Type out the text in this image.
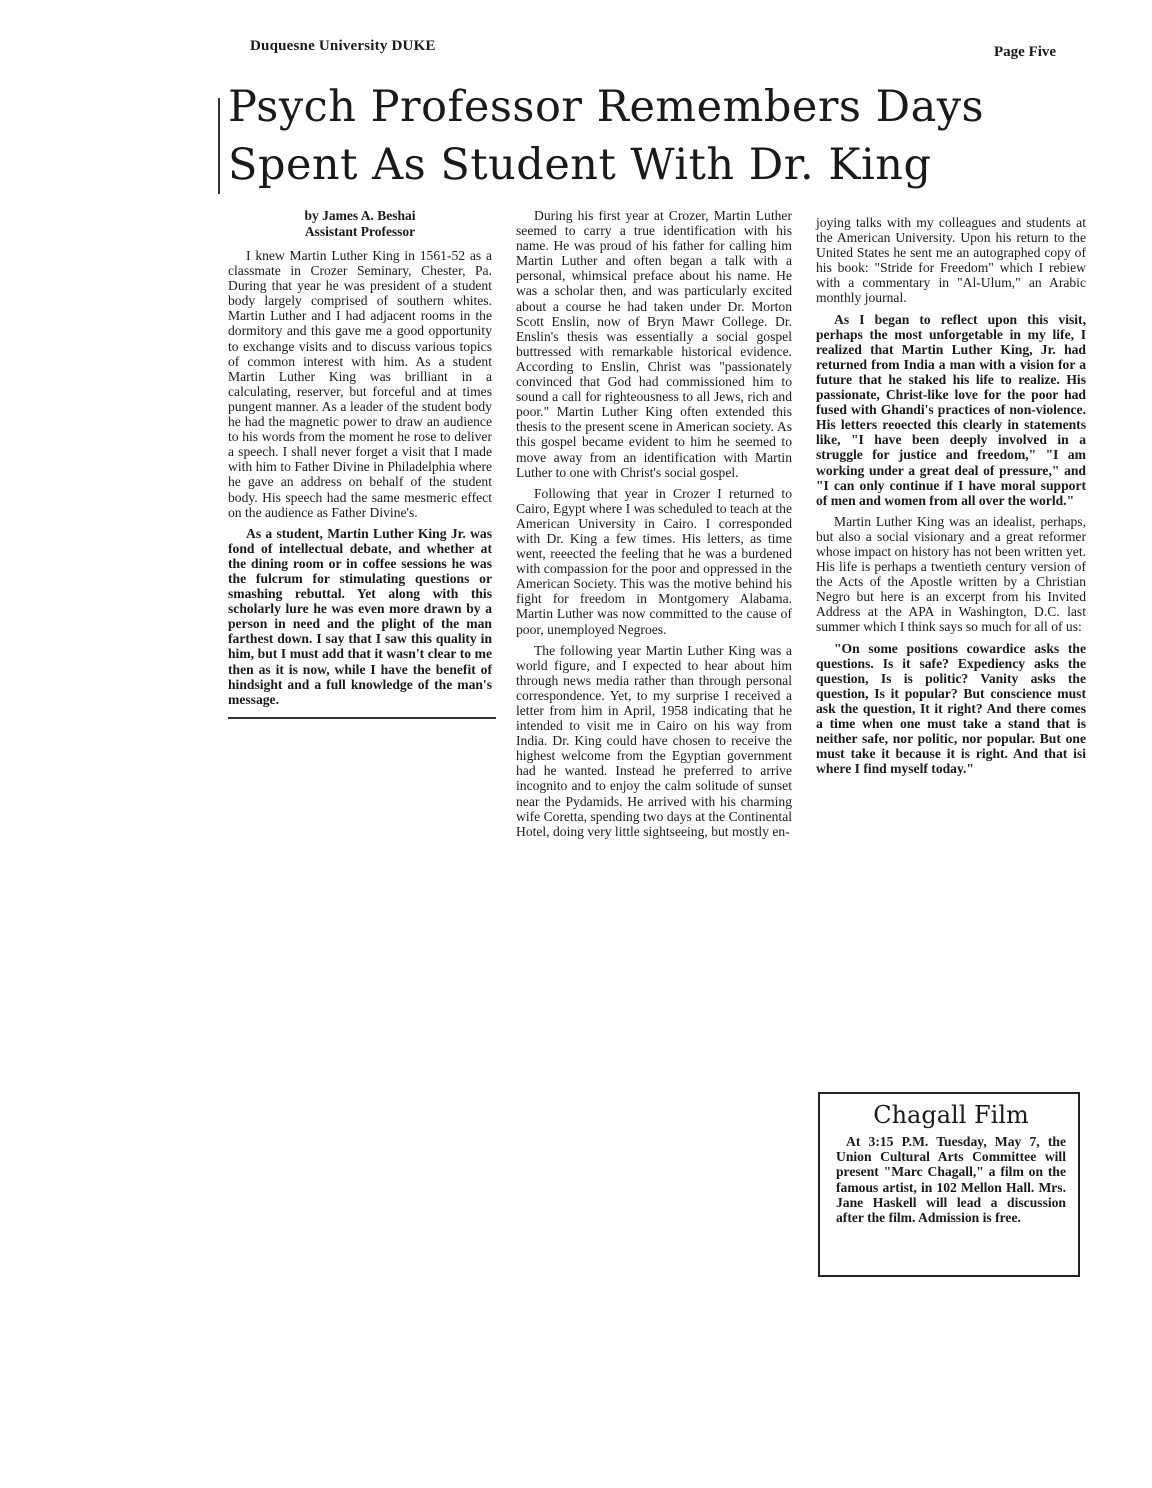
Duquesne University DUKE	Page Five
Psych Professor Remembers Days
Spent As Student With Dr. King
by James A. Beshai
Assistant Professor

I knew Martin Luther King in 1561-52 as a classmate in Crozer Seminary, Chester, Pa. During that year he was president of a student body largely comprised of southern whites. Martin Luther and I had adjacent rooms in the dormitory and this gave me a good opportunity to exchange visits and to discuss various topics of common interest with him. As a student Martin Luther King was brilliant in a calculating, reserver, but forceful and at times pungent manner. As a leader of the student body he had the magnetic power to draw an audience to his words from the moment he rose to deliver a speech. I shall never forget a visit that I made with him to Father Divine in Philadelphia where he gave an address on behalf of the student body. His speech had the same mesmeric effect on the audience as Father Divine's.

As a student, Martin Luther King Jr. was fond of intellectual debate, and whether at the dining room or in coffee sessions he was the fulcrum for stimulating questions or smashing rebuttal. Yet along with this scholarly lure he was even more drawn by a person in need and the plight of the man farthest down. I say that I saw this quality in him, but I must add that it wasn't clear to me then as it is now, while I have the benefit of hindsight and a full knowledge of the man's message.

During his first year at Crozer, Martin Luther seemed to carry a true identification with his name. He was proud of his father for calling him Martin Luther and often began a talk with a personal, whimsical preface about his name. He was a scholar then, and was particularly excited about a course he had taken under Dr. Morton Scott Enslin, now of Bryn Mawr College. Dr. Enslin's thesis was essentially a social gospel buttressed with remarkable historical evidence. According to Enslin, Christ was "passionately convinced that God had commissioned him to sound a call for righteousness to all Jews, rich and poor." Martin Luther King often extended this thesis to the present scene in American society. As this gospel became evident to him he seemed to move away from an identification with Martin Luther to one with Christ's social gospel.

Following that year in Crozer I returned to Cairo, Egypt where I was scheduled to teach at the American University in Cairo. I corresponded with Dr. King a few times. His letters, as time went, reeected the feeling that he was a burdened with compassion for the poor and oppressed in the American Society. This was the motive behind his fight for freedom in Montgomery Alabama. Martin Luther was now committed to the cause of poor, unemployed Negroes.

The following year Martin Luther King was a world figure, and I expected to hear about him through news media rather than through personal correspondence. Yet, to my surprise I received a letter from him in April, 1958 indicating that he intended to visit me in Cairo on his way from India. Dr. King could have chosen to receive the highest welcome from the Egyptian government had he wanted. Instead he preferred to arrive incognito and to enjoy the calm solitude of sunset near the Pydamids. He arrived with his charming wife Coretta, spending two days at the Continental Hotel, doing very little sightseeing, but mostly en-

joying talks with my colleagues and students at the American University. Upon his return to the United States he sent me an autographed copy of his book: "Stride for Freedom" which I rebiew with a commentary in "Al-Ulum," an Arabic monthly journal.

As I began to reflect upon this visit, perhaps the most unforgetable in my life, I realized that Martin Luther King, Jr. had returned from India a man with a vision for a future that he staked his life to realize. His passionate, Christ-like love for the poor had fused with Ghandi's practices of non-violence. His letters reoected this clearly in statements like, "I have been deeply involved in a struggle for justice and freedom," "I am working under a great deal of pressure," and "I can only continue if I have moral support of men and women from all over the world."

Martin Luther King was an idealist, perhaps, but also a social visionary and a great reformer whose impact on history has not been written yet. His life is perhaps a twentieth century version of the Acts of the Apostle written by a Christian Negro but here is an excerpt from his Invited Address at the APA in Washington, D.C. last summer which I think says so much for all of us:

"On some positions cowardice asks the questions. Is it safe? Expediency asks the question, Is is politic? Vanity asks the question, Is it popular? But conscience must ask the question, It it right? And there comes a time when one must take a stand that is neither safe, nor politic, nor popular. But one must take it because it is right. And that isi where I find myself today."

Chagall Film

At 3:15 P.M. Tuesday, May 7, the Union Cultural Arts Committee will present "Marc Chagall," a film on the famous artist, in 102 Mellon Hall. Mrs. Jane Haskell will lead a discussion after the film. Admission is free.
